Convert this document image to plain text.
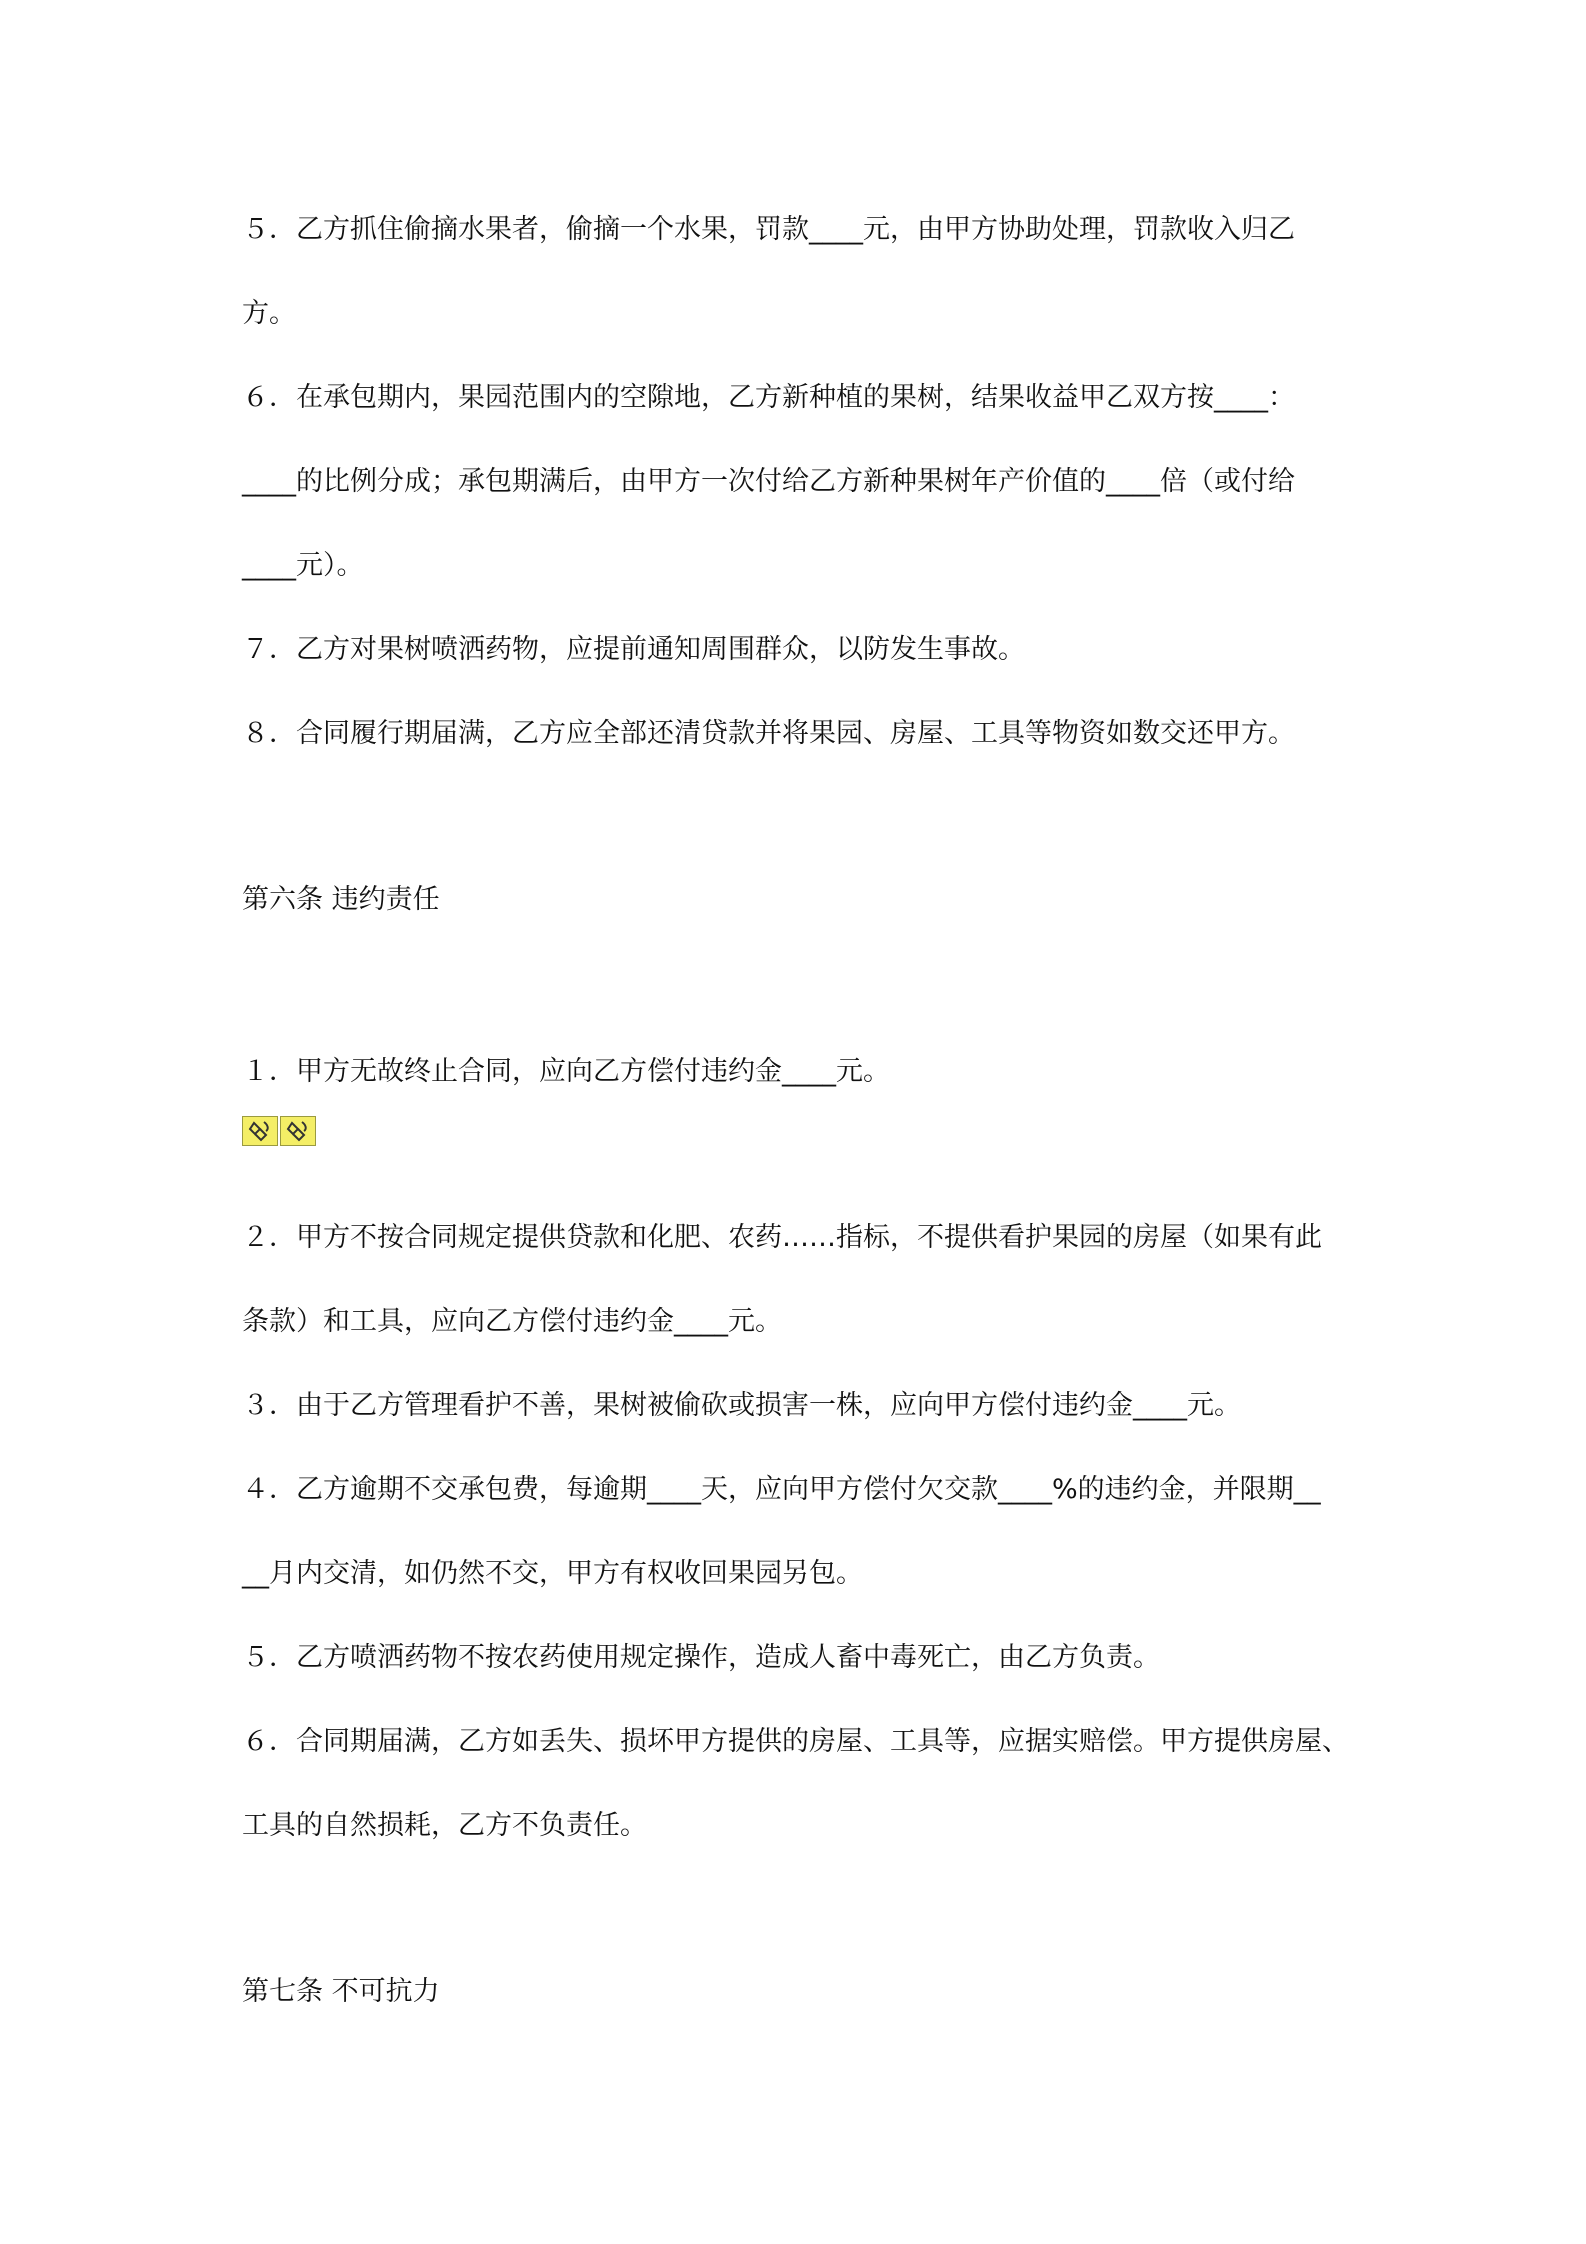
５．乙方抓住偷摘水果者，偷摘一个水果，罚款____元，由甲方协助处理，罚款收入归乙
方。
６．在承包期内，果园范围内的空隙地，乙方新种植的果树，结果收益甲乙双方按____：
____的比例分成；承包期满后，由甲方一次付给乙方新种果树年产价值的____倍（或付给
____元）。
７．乙方对果树喷洒药物，应提前通知周围群众，以防发生事故。
８．合同履行期届满，乙方应全部还清贷款并将果园、房屋、工具等物资如数交还甲方。
第六条 违约责任
１．甲方无故终止合同，应向乙方偿付违约金____元。
２．甲方不按合同规定提供贷款和化肥、农药……指标，不提供看护果园的房屋（如果有此
条款）和工具，应向乙方偿付违约金____元。
３．由于乙方管理看护不善，果树被偷砍或损害一株，应向甲方偿付违约金____元。
４．乙方逾期不交承包费，每逾期____天，应向甲方偿付欠交款____%的违约金，并限期__
__月内交清，如仍然不交，甲方有权收回果园另包。
５．乙方喷洒药物不按农药使用规定操作，造成人畜中毒死亡，由乙方负责。
６．合同期届满，乙方如丢失、损坏甲方提供的房屋、工具等，应据实赔偿。甲方提供房屋、
工具的自然损耗，乙方不负责任。
第七条 不可抗力
